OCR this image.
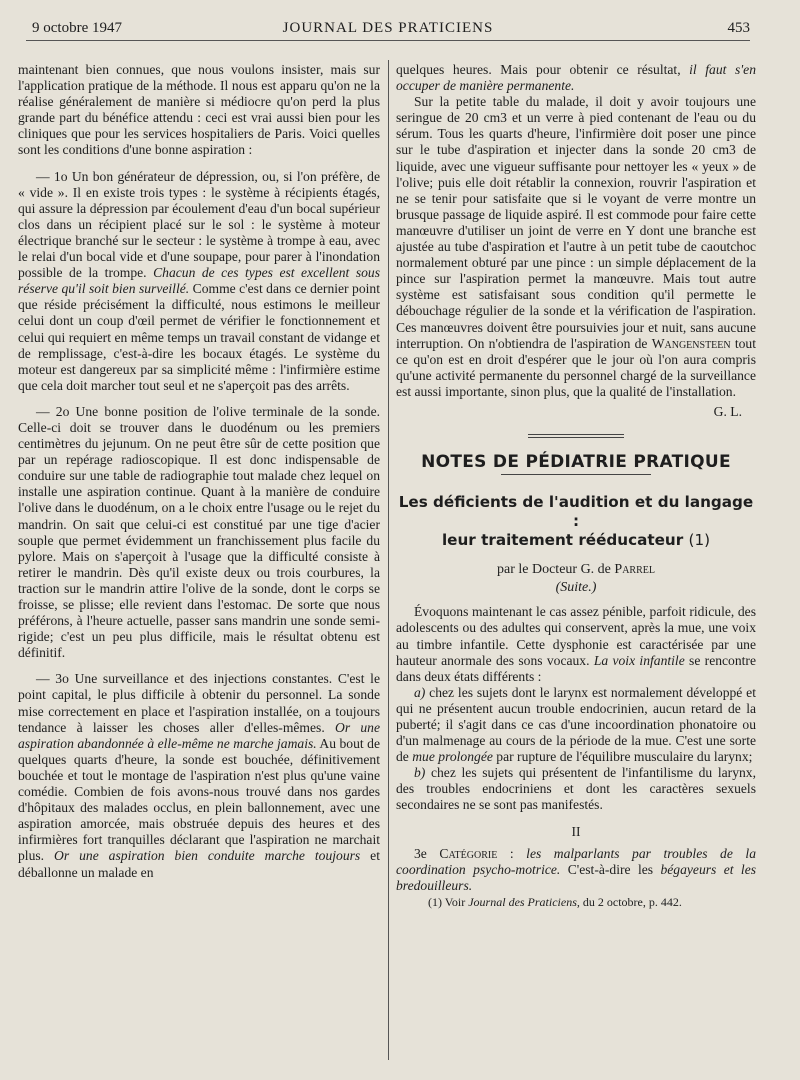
9 octobre 1947	JOURNAL DES PRATICIENS	453

maintenant bien connues, que nous voulons insister, mais sur l'application pratique de la méthode. Il nous est apparu qu'on ne la réalise généralement de manière si médiocre qu'on perd la plus grande part du bénéfice attendu : ceci est vrai aussi bien pour les cliniques que pour les services hospitaliers de Paris. Voici quelles sont les conditions d'une bonne aspiration :

— 1o Un bon générateur de dépression, ou, si l'on préfère, de « vide ». Il en existe trois types : le système à récipients étagés, qui assure la dépression par écoulement d'eau d'un bocal supérieur clos dans un récipient placé sur le sol : le système à moteur électrique branché sur le secteur : le système à trompe à eau, avec le relai d'un bocal vide et d'une soupape, pour parer à l'inondation possible de la trompe. Chacun de ces types est excellent sous réserve qu'il soit bien surveillé. Comme c'est dans ce dernier point que réside précisément la difficulté, nous estimons le meilleur celui dont un coup d'œil permet de vérifier le fonctionnement et celui qui requiert en même temps un travail constant de vidange et de remplissage, c'est-à-dire les bocaux étagés. Le système du moteur est dangereux par sa simplicité même : l'infirmière estime que cela doit marcher tout seul et ne s'aperçoit pas des arrêts.

— 2o Une bonne position de l'olive terminale de la sonde. Celle-ci doit se trouver dans le duodénum ou les premiers centimètres du jejunum. On ne peut être sûr de cette position que par un repérage radioscopique. Il est donc indispensable de conduire sur une table de radiographie tout malade chez lequel on installe une aspiration continue. Quant à la manière de conduire l'olive dans le duodénum, on a le choix entre l'usage ou le rejet du mandrin. On sait que celui-ci est constitué par une tige d'acier souple que permet évidemment un franchissement plus facile du pylore. Mais on s'aperçoit à l'usage que la difficulté consiste à retirer le mandrin. Dès qu'il existe deux ou trois courbures, la traction sur le mandrin attire l'olive de la sonde, dont le corps se froisse, se plisse; elle revient dans l'estomac. De sorte que nous préférons, à l'heure actuelle, passer sans mandrin une sonde semi-rigide; c'est un peu plus difficile, mais le résultat obtenu est définitif.

— 3o Une surveillance et des injections constantes. C'est le point capital, le plus difficile à obtenir du personnel. La sonde mise correctement en place et l'aspiration installée, on a toujours tendance à laisser les choses aller d'elles-mêmes. Or une aspiration abandonnée à elle-même ne marche jamais. Au bout de quelques quarts d'heure, la sonde est bouchée, définitivement bouchée et tout le montage de l'aspiration n'est plus qu'une vaine comédie. Combien de fois avons-nous trouvé dans nos gardes d'hôpitaux des malades occlus, en plein ballonnement, avec une aspiration amorcée, mais obstruée depuis des heures et des infirmières fort tranquilles déclarant que l'aspiration ne marchait plus. Or une aspiration bien conduite marche toujours et déballonne un malade en

quelques heures. Mais pour obtenir ce résultat, il faut s'en occuper de manière permanente.

Sur la petite table du malade, il doit y avoir toujours une seringue de 20 cm3 et un verre à pied contenant de l'eau ou du sérum. Tous les quarts d'heure, l'infirmière doit poser une pince sur le tube d'aspiration et injecter dans la sonde 20 cm3 de liquide, avec une vigueur suffisante pour nettoyer les « yeux » de l'olive; puis elle doit rétablir la connexion, rouvrir l'aspiration et ne se tenir pour satisfaite que si le voyant de verre montre un brusque passage de liquide aspiré. Il est commode pour faire cette manœuvre d'utiliser un joint de verre en Y dont une branche est ajustée au tube d'aspiration et l'autre à un petit tube de caoutchoc normalement obturé par une pince : un simple déplacement de la pince sur l'aspiration permet la manœuvre. Mais tout autre système est satisfaisant sous condition qu'il permette le débouchage régulier de la sonde et la vérification de l'aspiration. Ces manœuvres doivent être poursuivies jour et nuit, sans aucune interruption. On n'obtiendra de l'aspiration de Wangensteen tout ce qu'on est en droit d'espérer que le jour où l'on aura compris qu'une activité permanente du personnel chargé de la surveillance est aussi importante, sinon plus, que la qualité de l'installation.

G. L.
NOTES DE PÉDIATRIE PRATIQUE
Les déficients de l'audition et du langage :
leur traitement rééducateur (1)
par le Docteur G. de Parrel
(Suite.)

Évoquons maintenant le cas assez pénible, parfoit ridicule, des adolescents ou des adultes qui conservent, après la mue, une voix au timbre infantile. Cette dysphonie est caractérisée par une hauteur anormale des sons vocaux. La voix infantile se rencontre dans deux états différents :

a) chez les sujets dont le larynx est normalement développé et qui ne présentent aucun trouble endocrinien, aucun retard de la puberté; il s'agit dans ce cas d'une incoordination phonatoire ou d'un malmenage au cours de la période de la mue. C'est une sorte de mue prolongée par rupture de l'équilibre musculaire du larynx;

b) chez les sujets qui présentent de l'infantilisme du larynx, des troubles endocriniens et dont les caractères sexuels secondaires ne se sont pas manifestés.

II

3e Catégorie : les malparlants par troubles de la coordination psycho-motrice. C'est-à-dire les bégayeurs et les bredouilleurs.

(1) Voir Journal des Praticiens, du 2 octobre, p. 442.
